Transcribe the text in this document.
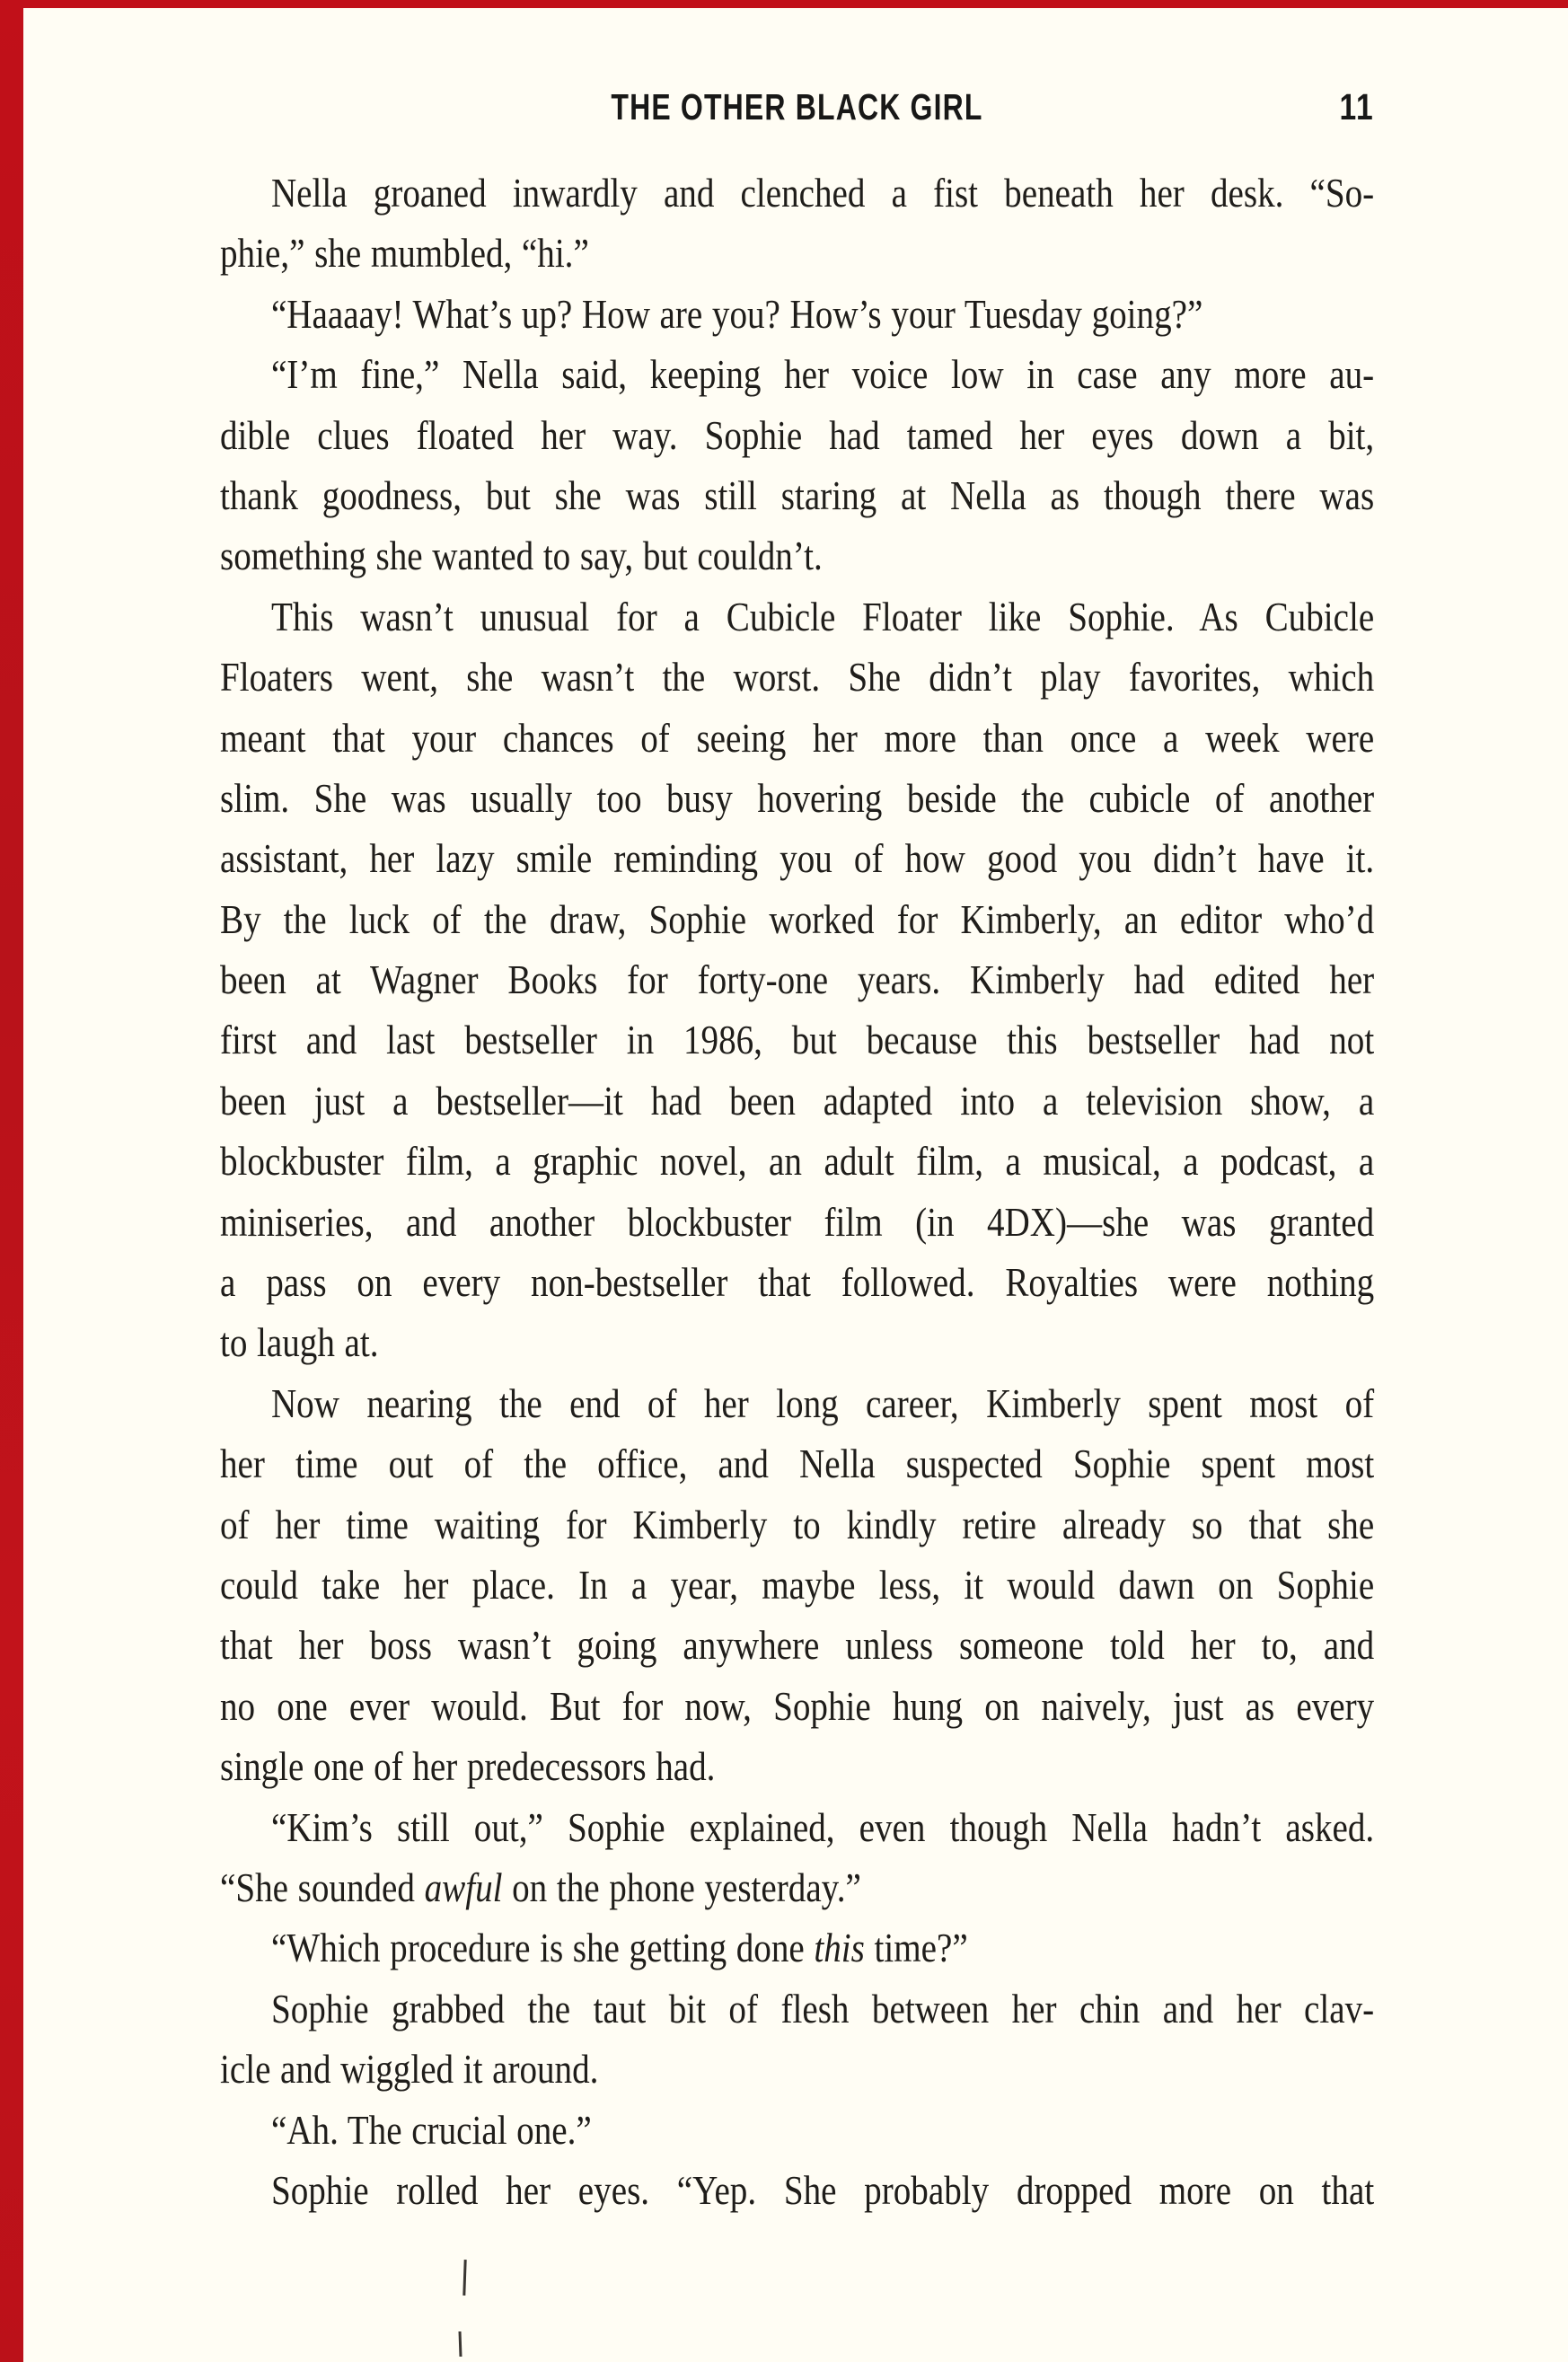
THE OTHER BLACK GIRL	11
Nella groaned inwardly and clenched a fist beneath her desk. “So-
phie,” she mumbled, “hi.”
“Haaaay! What’s up? How are you? How’s your Tuesday going?”
“I’m fine,” Nella said, keeping her voice low in case any more au-
dible clues floated her way. Sophie had tamed her eyes down a bit,
thank goodness, but she was still staring at Nella as though there was
something she wanted to say, but couldn’t.
This wasn’t unusual for a Cubicle Floater like Sophie. As Cubicle
Floaters went, she wasn’t the worst. She didn’t play favorites, which
meant that your chances of seeing her more than once a week were
slim. She was usually too busy hovering beside the cubicle of another
assistant, her lazy smile reminding you of how good you didn’t have it.
By the luck of the draw, Sophie worked for Kimberly, an editor who’d
been at Wagner Books for forty-one years. Kimberly had edited her
first and last bestseller in 1986, but because this bestseller had not
been just a bestseller—it had been adapted into a television show, a
blockbuster film, a graphic novel, an adult film, a musical, a podcast, a
miniseries, and another blockbuster film (in 4DX)—she was granted
a pass on every non-bestseller that followed. Royalties were nothing
to laugh at.
Now nearing the end of her long career, Kimberly spent most of
her time out of the office, and Nella suspected Sophie spent most
of her time waiting for Kimberly to kindly retire already so that she
could take her place. In a year, maybe less, it would dawn on Sophie
that her boss wasn’t going anywhere unless someone told her to, and
no one ever would. But for now, Sophie hung on naively, just as every
single one of her predecessors had.
“Kim’s still out,” Sophie explained, even though Nella hadn’t asked.
“She sounded awful on the phone yesterday.”
“Which procedure is she getting done this time?”
Sophie grabbed the taut bit of flesh between her chin and her clav-
icle and wiggled it around.
“Ah. The crucial one.”
Sophie rolled her eyes. “Yep. She probably dropped more on that
